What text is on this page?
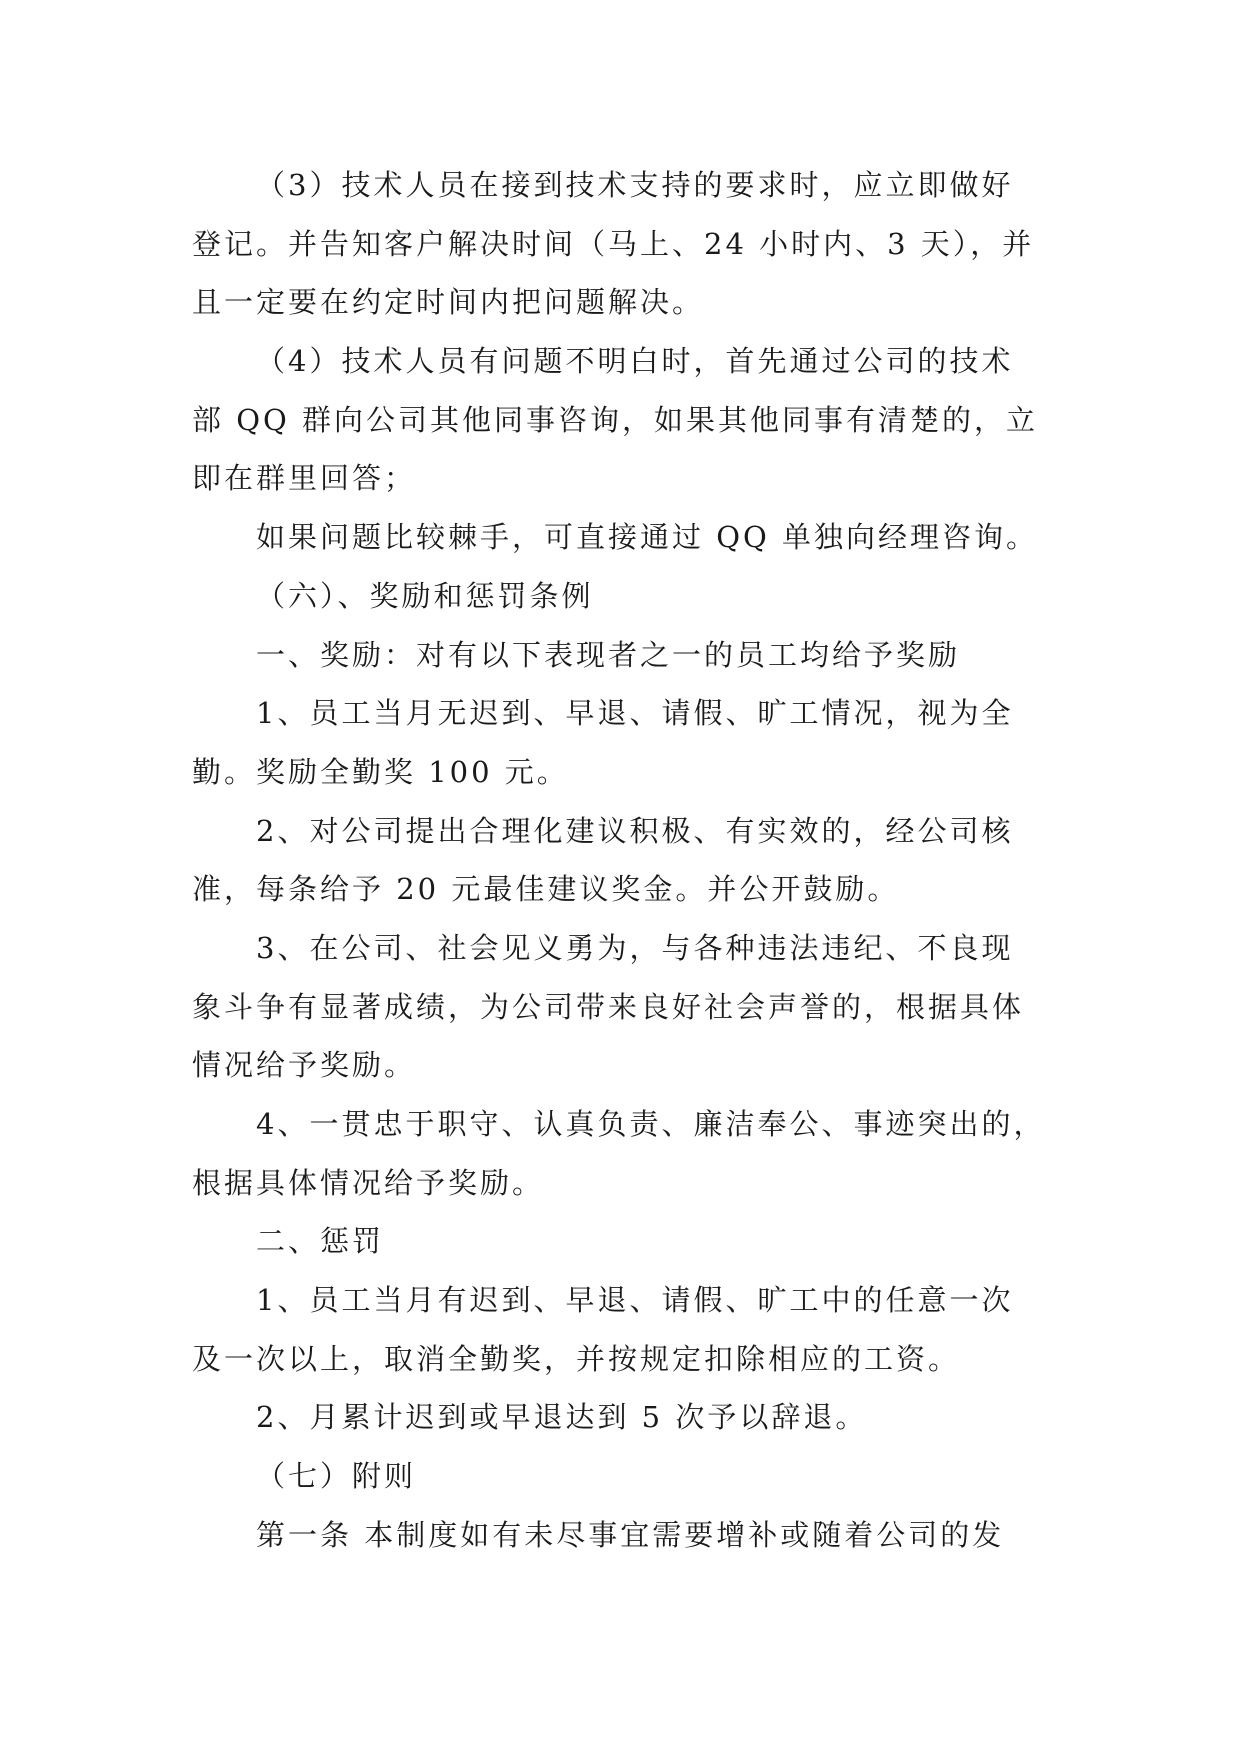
（3）技术人员在接到技术支持的要求时，应立即做好
登记。并告知客户解决时间（马上、24 小时内、3 天），并
且一定要在约定时间内把问题解决。
（4）技术人员有问题不明白时，首先通过公司的技术
部 QQ 群向公司其他同事咨询，如果其他同事有清楚的，立
即在群里回答；
如果问题比较棘手，可直接通过 QQ 单独向经理咨询。
（六）、奖励和惩罚条例
一、奖励：对有以下表现者之一的员工均给予奖励
1、员工当月无迟到、早退、请假、旷工情况，视为全
勤。奖励全勤奖 100 元。
2、对公司提出合理化建议积极、有实效的，经公司核
准，每条给予 20 元最佳建议奖金。并公开鼓励。
3、在公司、社会见义勇为，与各种违法违纪、不良现
象斗争有显著成绩，为公司带来良好社会声誉的，根据具体
情况给予奖励。
4、一贯忠于职守、认真负责、廉洁奉公、事迹突出的，
根据具体情况给予奖励。
二、惩罚
1、员工当月有迟到、早退、请假、旷工中的任意一次
及一次以上，取消全勤奖，并按规定扣除相应的工资。
2、月累计迟到或早退达到 5 次予以辞退。
（七）附则
第一条 本制度如有未尽事宜需要增补或随着公司的发
